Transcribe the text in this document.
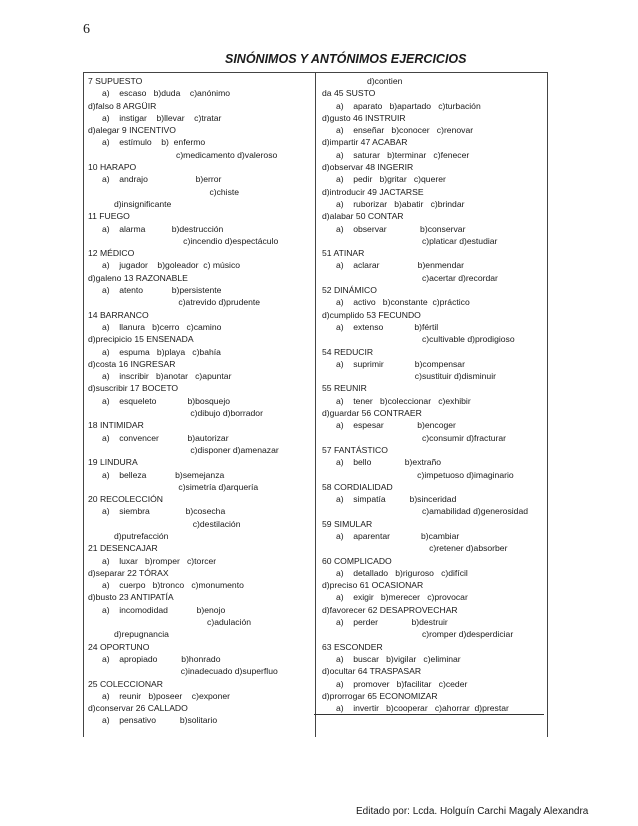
6
SINÓNIMOS Y ANTÓNIMOS EJERCICIOS
7 SUPUESTO
a)    escaso   b)duda    c)anónimo
d)falso 8 ARGÜIR
a)    instigar    b)llevar    c)tratar
d)alegar 9 INCENTIVO
a)    estímulo    b)  enfermo
c)medicamento d)valeroso
10 HARAPO
a)    andrajo                    b)error
c)chiste
d)insignificante
11 FUEGO
a)    alarma           b)destrucción
c)incendio d)espectáculo
12 MÉDICO
a)    jugador    b)goleador  c) músico
d)galeno 13 RAZONABLE
a)    atento            b)persistente
c)atrevido d)prudente
14 BARRANCO
a)    llanura   b)cerro   c)camino
d)precipicio 15 ENSENADA
a)    espuma   b)playa   c)bahía
d)costa 16 INGRESAR
a)    inscribir   b)anotar   c)apuntar
d)suscribir 17 BOCETO
a)    esqueleto             b)bosquejo
c)dibujo d)borrador
18 INTIMIDAR
a)    convencer            b)autorizar
c)disponer d)amenazar
19 LINDURA
a)    belleza            b)semejanza
c)simetría d)arquería
20 RECOLECCIÓN
a)    siembra               b)cosecha
c)destilación
d)putrefacción
21 DESENCAJAR
a)    luxar   b)romper   c)torcer
d)separar 22 TÓRAX
a)    cuerpo   b)tronco   c)monumento
d)busto 23 ANTIPATÍA
a)    incomodidad            b)enojo
c)adulación
d)repugnancia
24 OPORTUNO
a)    apropiado          b)honrado
c)inadecuado d)superfluo
25 COLECCIONAR
a)    reunir   b)poseer    c)exponer
d)conservar 26 CALLADO
a)    pensativo          b)solitario
d)contien
da 45 SUSTO
a)    aparato   b)apartado   c)turbación
d)gusto 46 INSTRUIR
a)    enseñar   b)conocer   c)renovar
d)impartir 47 ACABAR
a)    saturar   b)terminar   c)fenecer
d)observar 48 INGERIR
a)    pedir   b)gritar   c)querer
d)introducir 49 JACTARSE
a)    ruborizar   b)abatir   c)brindar
d)alabar 50 CONTAR
a)    observar              b)conservar
c)platicar d)estudiar
51 ATINAR
a)    aclarar                b)enmendar
c)acertar d)recordar
52 DINÁMICO
a)    activo   b)constante  c)práctico
d)cumplido 53 FECUNDO
a)    extenso             b)fértil
c)cultivable d)prodigioso
54 REDUCIR
a)    suprimir             b)compensar
c)sustituir d)disminuir
55 REUNIR
a)    tener   b)coleccionar   c)exhibir
d)guardar 56 CONTRAER
a)    espesar              b)encoger
c)consumir d)fracturar
57 FANTÁSTICO
a)    bello              b)extraño
c)impetuoso d)imaginario
58 CORDIALIDAD
a)    simpatía          b)sinceridad
c)amabilidad d)generosidad
59 SIMULAR
a)    aparentar             b)cambiar
c)retener d)absorber
60 COMPLICADO
a)    detallado   b)riguroso   c)difícil
d)preciso 61 OCASIONAR
a)    exigir   b)merecer   c)provocar
d)favorecer 62 DESAPROVECHAR
a)    perder              b)destruir
c)romper d)desperdiciar
63 ESCONDER
a)    buscar   b)vigilar   c)eliminar
d)ocultar 64 TRASPASAR
a)    promover   b)facilitar   c)ceder
d)prorrogar 65 ECONOMIZAR
a)    invertir   b)cooperar   c)ahorrar  d)prestar
Editado por: Lcda. Holguín Carchi Magaly Alexandra
